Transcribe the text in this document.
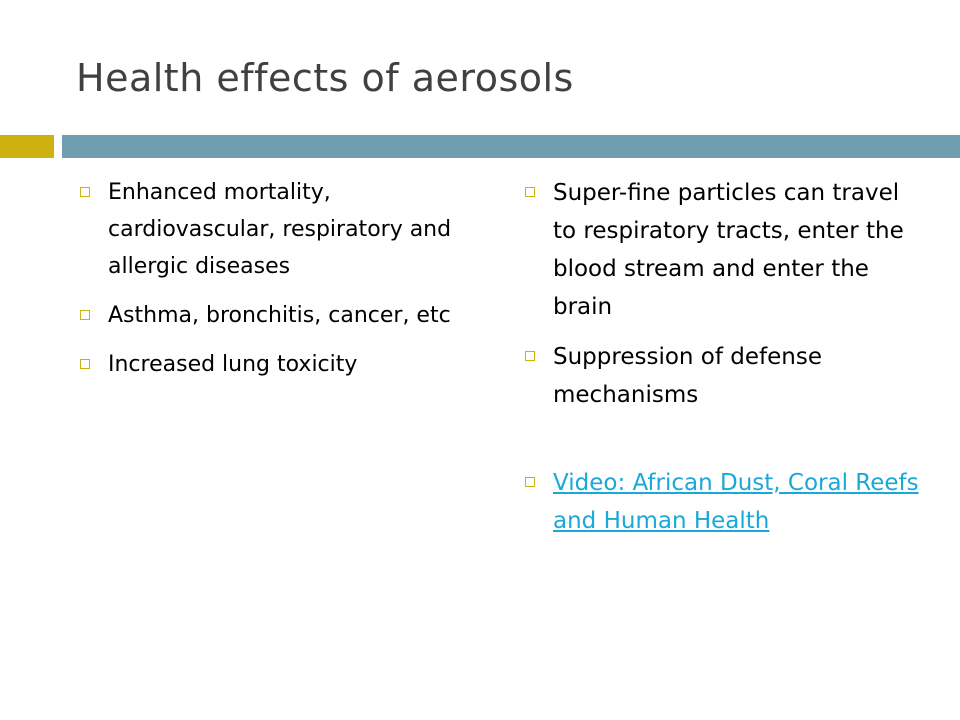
Health effects of aerosols
Enhanced mortality, cardiovascular, respiratory and allergic diseases
Asthma, bronchitis, cancer, etc
Increased lung toxicity
Super-fine particles can travel to respiratory tracts, enter the blood stream and enter the brain
Suppression of defense mechanisms
Video: African Dust, Coral Reefs and Human Health
